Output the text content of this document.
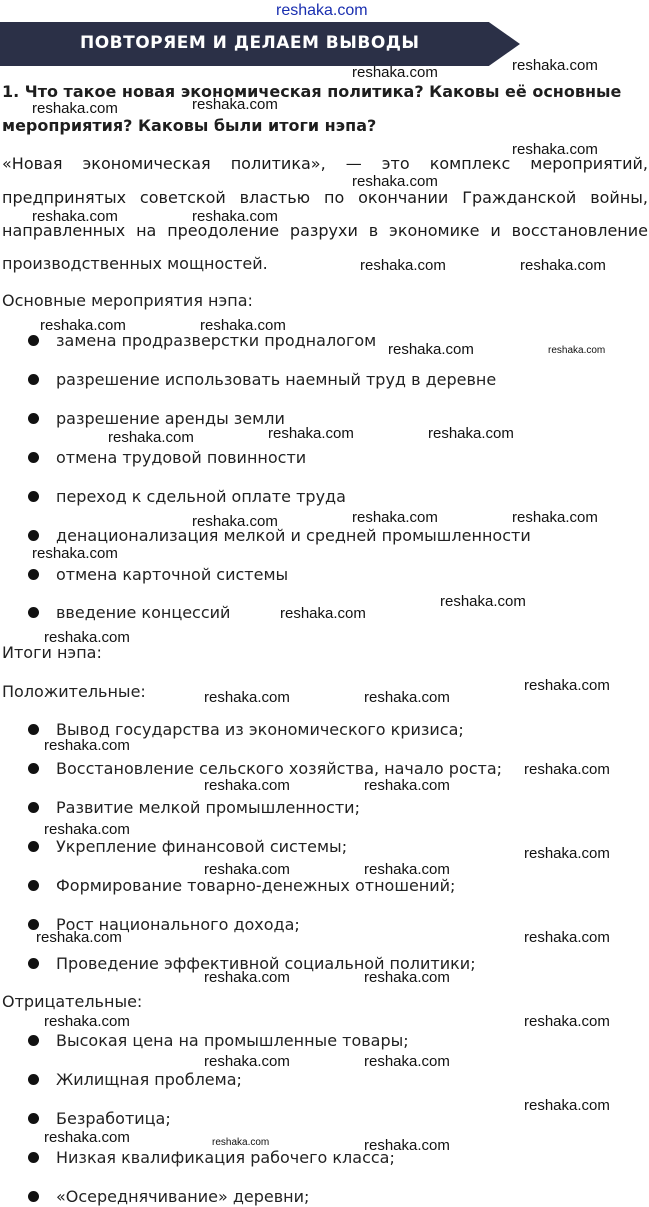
reshaka.com
ПОВТОРЯЕМ И ДЕЛАЕМ ВЫВОДЫ
1. Что такое новая экономическая политика? Каковы её основные
мероприятия? Каковы были итоги нэпа?
«Новая экономическая политика», — это комплекс мероприятий,
предпринятых советской властью по окончании Гражданской войны,
направленных на преодоление разрухи в экономике и восстановление
производственных мощностей.
Основные мероприятия нэпа:
замена продразверстки продналогом
разрешение использовать наемный труд в деревне
разрешение аренды земли
отмена трудовой повинности
переход к сдельной оплате труда
денационализация мелкой и средней промышленности
отмена карточной системы
введение концессий
Итоги нэпа:
Положительные:
Вывод государства из экономического кризиса;
Восстановление сельского хозяйства, начало роста;
Развитие мелкой промышленности;
Укрепление финансовой системы;
Формирование товарно-денежных отношений;
Рост национального дохода;
Проведение эффективной социальной политики;
Отрицательные:
Высокая цена на промышленные товары;
Жилищная проблема;
Безработица;
Низкая квалификация рабочего класса;
«Осереднячивание» деревни;
reshaka.com	reshaka.com
reshaka.com	reshaka.com
reshaka.com
reshaka.com
reshaka.com	reshaka.com
reshaka.com	reshaka.com
reshaka.com	reshaka.com
reshaka.com	reshaka.com
reshaka.com	reshaka.com	reshaka.com
reshaka.com	reshaka.com	reshaka.com
reshaka.com
reshaka.com
reshaka.com
reshaka.com
reshaka.com	reshaka.com
reshaka.com
reshaka.com
reshaka.com
reshaka.com	reshaka.com
reshaka.com
reshaka.com
reshaka.com	reshaka.com
reshaka.com	reshaka.com
reshaka.com	reshaka.com
reshaka.com	reshaka.com
reshaka.com	reshaka.com
reshaka.com
reshaka.com	reshaka.com	reshaka.com
